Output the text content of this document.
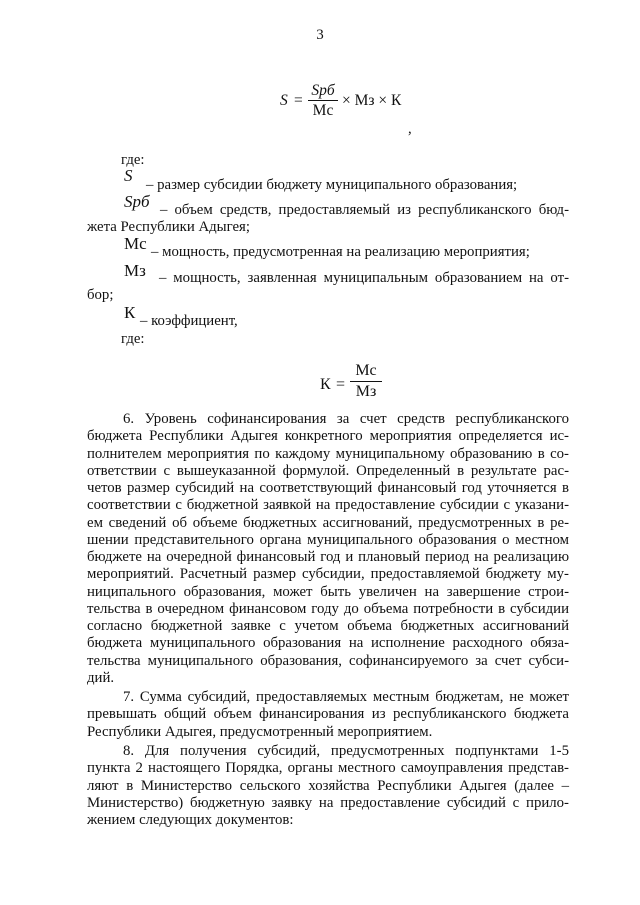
3
S =
Spб
Мс
× Мз × К
,
где:
S – размер субсидии бюджету муниципального образования;
Spб – объем средств, предоставляемый из республиканского бюд-
жета Республики Адыгея;
Мс – мощность, предусмотренная на реализацию мероприятия;
Мз – мощность, заявленная муниципальным образованием на от-
бор;
К – коэффициент,
где:
К =
Мс
Мз
6. Уровень софинансирования за счет средств республиканского
бюджета Республики Адыгея конкретного мероприятия определяется ис-
полнителем мероприятия по каждому муниципальному образованию в со-
ответствии с вышеуказанной формулой. Определенный в результате рас-
четов размер субсидий на соответствующий финансовый год уточняется в
соответствии с бюджетной заявкой на предоставление субсидии с указани-
ем сведений об объеме бюджетных ассигнований, предусмотренных в ре-
шении представительного органа муниципального образования о местном
бюджете на очередной финансовый год и плановый период на реализацию
мероприятий. Расчетный размер субсидии, предоставляемой бюджету му-
ниципального образования, может быть увеличен на завершение строи-
тельства в очередном финансовом году до объема потребности в субсидии
согласно бюджетной заявке с учетом объема бюджетных ассигнований
бюджета муниципального образования на исполнение расходного обяза-
тельства муниципального образования, софинансируемого за счет субси-
дий.
7. Сумма субсидий, предоставляемых местным бюджетам, не может
превышать общий объем финансирования из республиканского бюджета
Республики Адыгея, предусмотренный мероприятием.
8. Для получения субсидий, предусмотренных подпунктами 1-5
пункта 2 настоящего Порядка, органы местного самоуправления представ-
ляют в Министерство сельского хозяйства Республики Адыгея (далее –
Министерство) бюджетную заявку на предоставление субсидий с прило-
жением следующих документов:
